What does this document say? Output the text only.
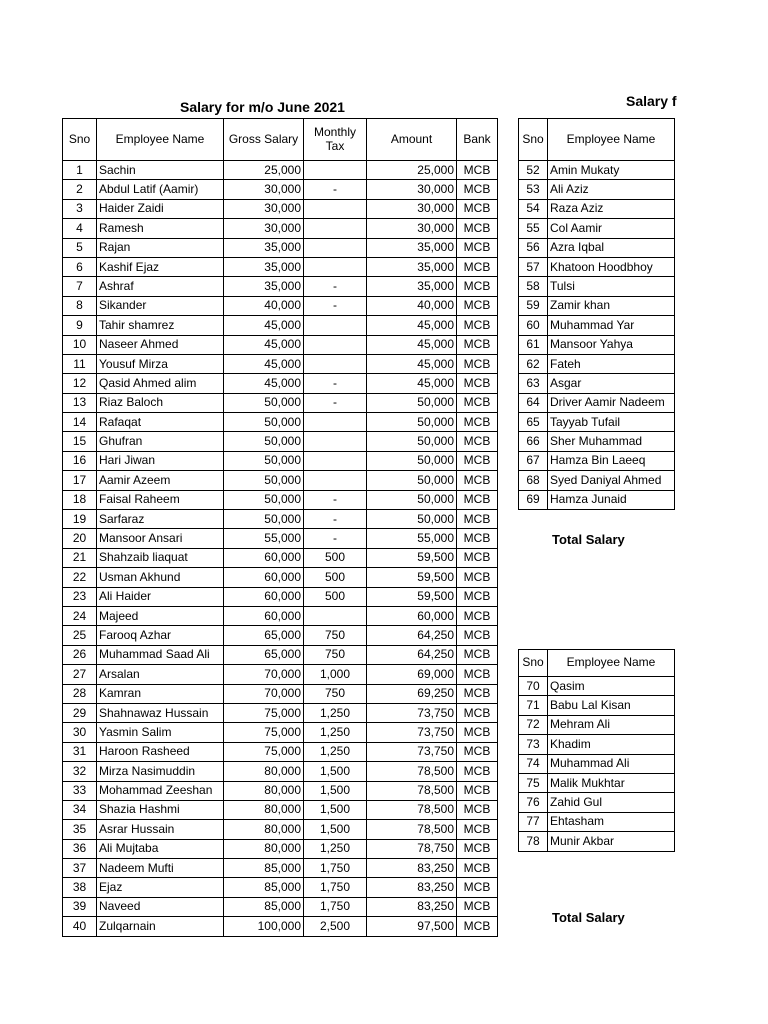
Salary for m/o June 2021
Sno	Employee Name	Gross Salary	Monthly Tax	Amount	Bank
1	Sachin	25,000		25,000	MCB
2	Abdul Latif (Aamir)	30,000	-	30,000	MCB
3	Haider Zaidi	30,000		30,000	MCB
4	Ramesh	30,000		30,000	MCB
5	Rajan	35,000		35,000	MCB
6	Kashif Ejaz	35,000		35,000	MCB
7	Ashraf	35,000	-	35,000	MCB
8	Sikander	40,000	-	40,000	MCB
9	Tahir shamrez	45,000		45,000	MCB
10	Naseer Ahmed	45,000		45,000	MCB
11	Yousuf Mirza	45,000		45,000	MCB
12	Qasid Ahmed alim	45,000	-	45,000	MCB
13	Riaz Baloch	50,000	-	50,000	MCB
14	Rafaqat	50,000		50,000	MCB
15	Ghufran	50,000		50,000	MCB
16	Hari Jiwan	50,000		50,000	MCB
17	Aamir Azeem	50,000		50,000	MCB
18	Faisal Raheem	50,000	-	50,000	MCB
19	Sarfaraz	50,000	-	50,000	MCB
20	Mansoor Ansari	55,000	-	55,000	MCB
21	Shahzaib liaquat	60,000	500	59,500	MCB
22	Usman Akhund	60,000	500	59,500	MCB
23	Ali Haider	60,000	500	59,500	MCB
24	Majeed	60,000		60,000	MCB
25	Farooq Azhar	65,000	750	64,250	MCB
26	Muhammad Saad Ali	65,000	750	64,250	MCB
27	Arsalan	70,000	1,000	69,000	MCB
28	Kamran	70,000	750	69,250	MCB
29	Shahnawaz Hussain	75,000	1,250	73,750	MCB
30	Yasmin Salim	75,000	1,250	73,750	MCB
31	Haroon Rasheed	75,000	1,250	73,750	MCB
32	Mirza Nasimuddin	80,000	1,500	78,500	MCB
33	Mohammad Zeeshan	80,000	1,500	78,500	MCB
34	Shazia Hashmi	80,000	1,500	78,500	MCB
35	Asrar Hussain	80,000	1,500	78,500	MCB
36	Ali Mujtaba	80,000	1,250	78,750	MCB
37	Nadeem Mufti	85,000	1,750	83,250	MCB
38	Ejaz	85,000	1,750	83,250	MCB
39	Naveed	85,000	1,750	83,250	MCB
40	Zulqarnain	100,000	2,500	97,500	MCB
Salary f
Sno	Employee Name
52	Amin Mukaty
53	Ali Aziz
54	Raza Aziz
55	Col Aamir
56	Azra Iqbal
57	Khatoon Hoodbhoy
58	Tulsi
59	Zamir khan
60	Muhammad Yar
61	Mansoor Yahya
62	Fateh
63	Asgar
64	Driver Aamir Nadeem
65	Tayyab Tufail
66	Sher Muhammad
67	Hamza Bin Laeeq
68	Syed Daniyal Ahmed
69	Hamza Junaid
Total Salary
Sno	Employee Name
70	Qasim
71	Babu Lal Kisan
72	Mehram Ali
73	Khadim
74	Muhammad Ali
75	Malik Mukhtar
76	Zahid Gul
77	Ehtasham
78	Munir Akbar
Total Salary
